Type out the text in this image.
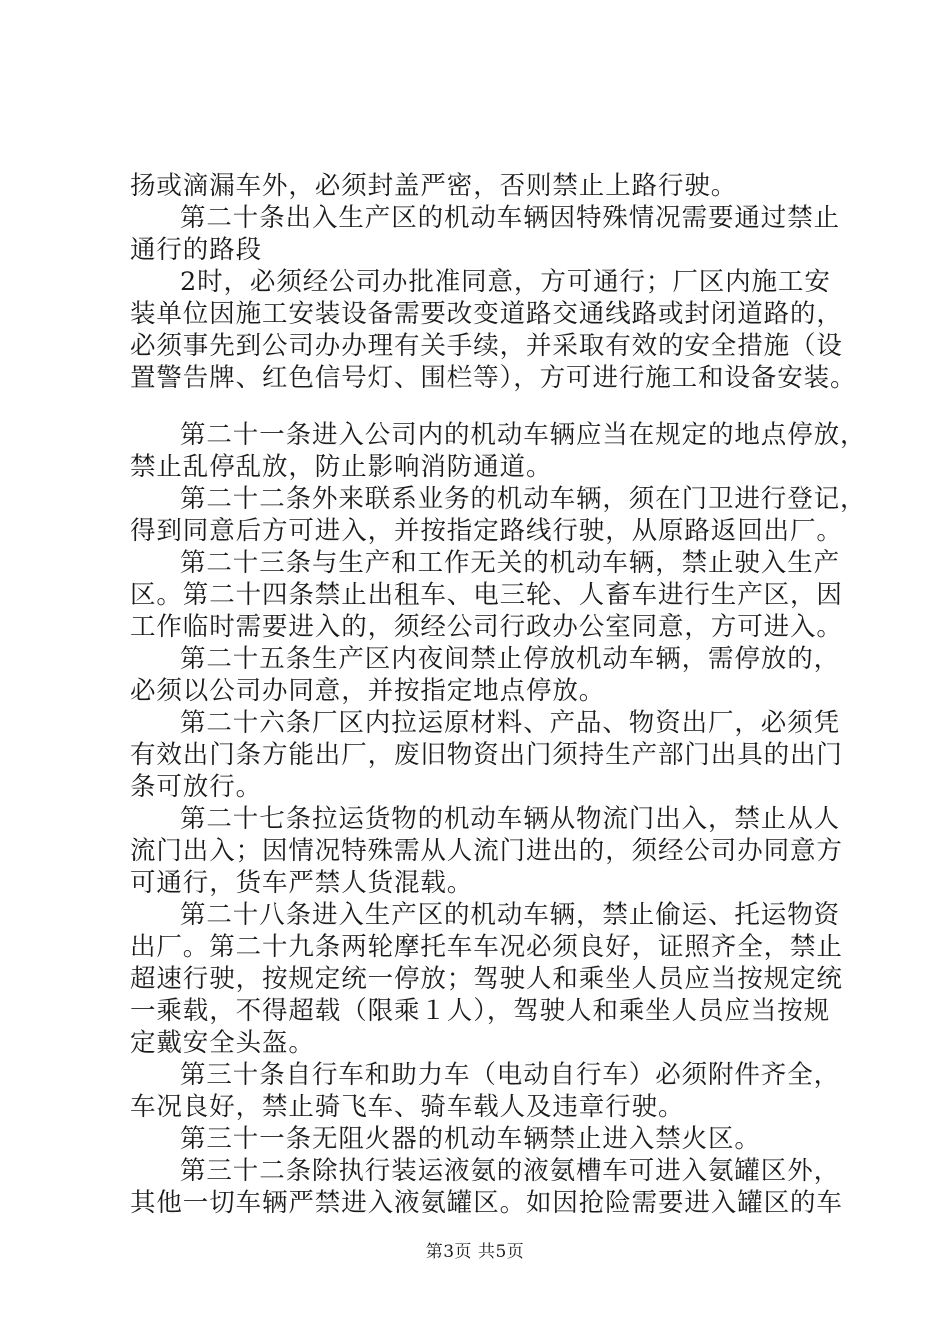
扬或滴漏车外，必须封盖严密，否则禁止上路行驶。
第二十条出入生产区的机动车辆因特殊情况需要通过禁止
通行的路段
2时，必须经公司办批准同意，方可通行；厂区内施工安
装单位因施工安装设备需要改变道路交通线路或封闭道路的，
必须事先到公司办办理有关手续，并采取有效的安全措施（设
置警告牌、红色信号灯、围栏等），方可进行施工和设备安装。
第二十一条进入公司内的机动车辆应当在规定的地点停放，
禁止乱停乱放，防止影响消防通道。
第二十二条外来联系业务的机动车辆，须在门卫进行登记，
得到同意后方可进入，并按指定路线行驶，从原路返回出厂。
第二十三条与生产和工作无关的机动车辆，禁止驶入生产
区。第二十四条禁止出租车、电三轮、人畜车进行生产区，因
工作临时需要进入的，须经公司行政办公室同意，方可进入。
第二十五条生产区内夜间禁止停放机动车辆，需停放的，
必须以公司办同意，并按指定地点停放。
第二十六条厂区内拉运原材料、产品、物资出厂，必须凭
有效出门条方能出厂，废旧物资出门须持生产部门出具的出门
条可放行。
第二十七条拉运货物的机动车辆从物流门出入，禁止从人
流门出入；因情况特殊需从人流门进出的，须经公司办同意方
可通行，货车严禁人货混载。
第二十八条进入生产区的机动车辆，禁止偷运、托运物资
出厂。第二十九条两轮摩托车车况必须良好，证照齐全，禁止
超速行驶，按规定统一停放；驾驶人和乘坐人员应当按规定统
一乘载，不得超载（限乘１人），驾驶人和乘坐人员应当按规
定戴安全头盔。
第三十条自行车和助力车（电动自行车）必须附件齐全，
车况良好，禁止骑飞车、骑车载人及违章行驶。
第三十一条无阻火器的机动车辆禁止进入禁火区。
第三十二条除执行装运液氨的液氨槽车可进入氨罐区外，
其他一切车辆严禁进入液氨罐区。如因抢险需要进入罐区的车
第3页 共5页
